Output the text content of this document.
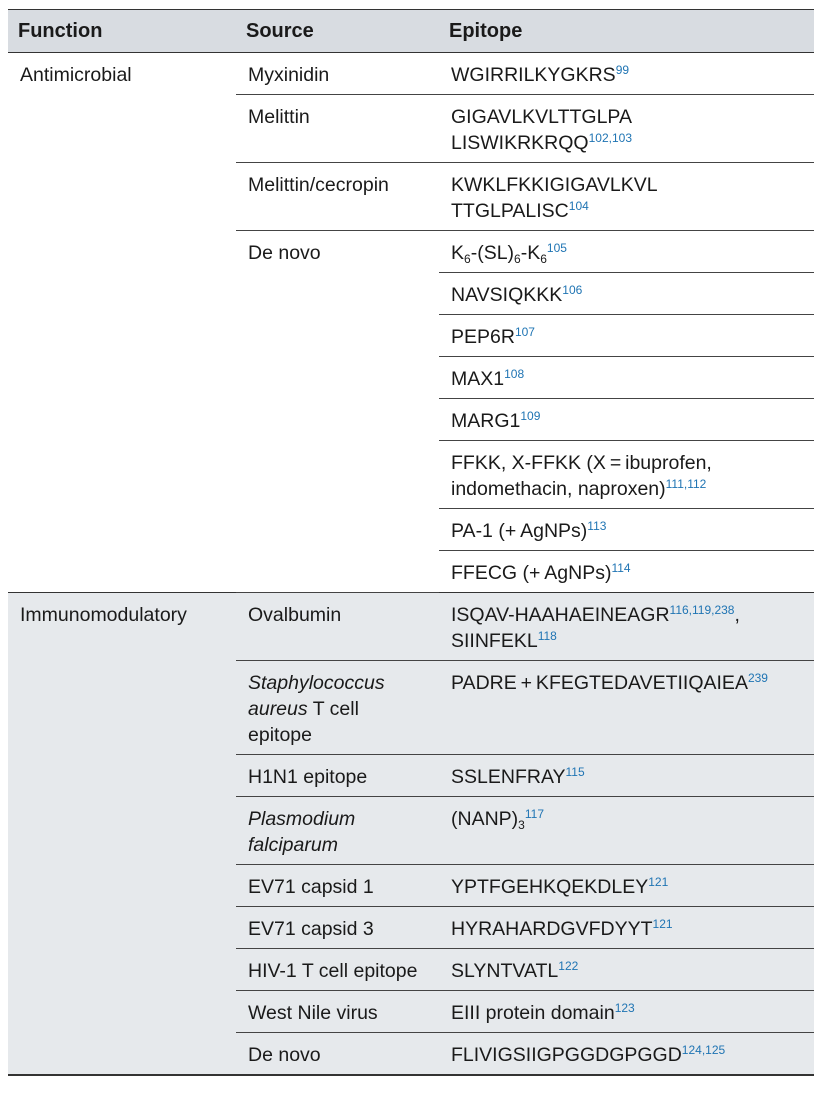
Function	Source	Epitope
Antimicrobial	Myxinidin	WGIRRILKYGKRS$^{99}$
	Melittin	GIGAVLKVLTTGLPA
LISWIKRKRQQ$^{102,103}$
	Melittin/cecropin	KWKLFKKIGIGAVLKVL
TTGLPALISC$^{104}$
	De novo	$K_6-(SL)_6-K_6^{105}$
		NAVSIQKKK$^{106}$
		$PEP6R^{107}$
		$MAX1^{108}$
		$MARG1^{109}$
		FFKK, X-FFKK (X = ibuprofen,
indomethacin, naproxen)$^{111,112}$
		PA-1 (+ AgNPs)$^{113}$
		FFECG (+ AgNPs)$^{114}$
Immunomodulatory	Ovalbumin	ISQAV-HAAHAEINEAGR$^{116,119,238}$,
SIINFEKL$^{118}$
	Staphylococcus
aureus T cell
epitope	PADRE + $KFEGTEDAVETIIQAIEA^{239}$
	H1N1 epitope	SSLENFRAY$^{115}$
	Plasmodium
falciparum	$(NANP)_3^{117}$
	EV71 capsid 1	YPTFGEHKQEKDLEY$^{121}$
	EV71 capsid 3	HYRAHARDGVFDYYT$^{121}$
	HIV-1 T cell epitope	SLYNTVATL$^{122}$
	West Nile virus	EIII protein domain$^{123}$
	De novo	FLIVIGSIIGPGGDGPGGD$^{124,125}$
